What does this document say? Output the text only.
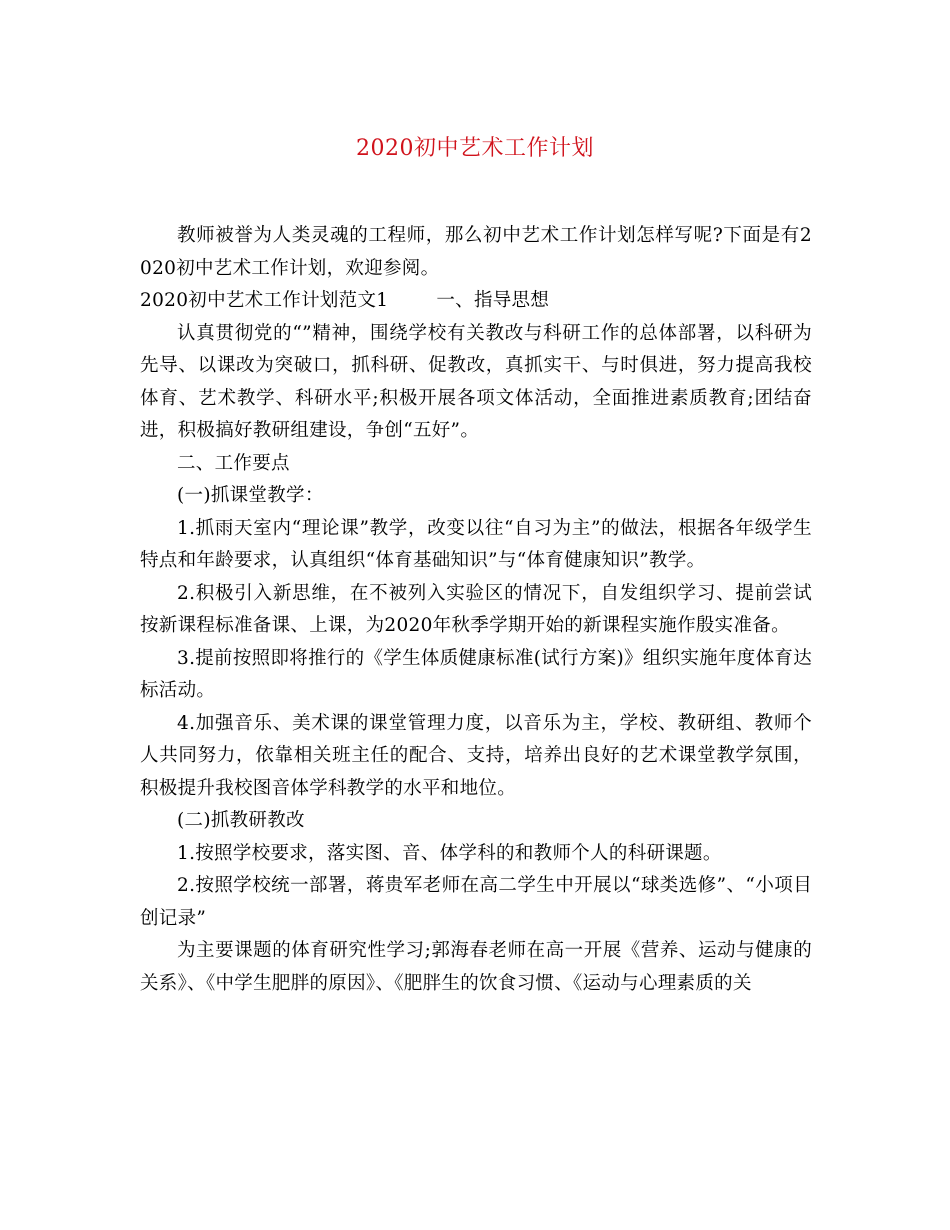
2020初中艺术工作计划

教师被誉为人类灵魂的工程师，那么初中艺术工作计划怎样写呢?下面是有2020初中艺术工作计划，欢迎参阅。

2020初中艺术工作计划范文1	一、指导思想

认真贯彻党的“”精神，围绕学校有关教改与科研工作的总体部署，以科研为先导、以课改为突破口，抓科研、促教改，真抓实干、与时俱进，努力提高我校体育、艺术教学、科研水平;积极开展各项文体活动，全面推进素质教育;团结奋进，积极搞好教研组建设，争创“五好”。

二、工作要点

(一)抓课堂教学：

1.抓雨天室内“理论课”教学，改变以往“自习为主”的做法，根据各年级学生特点和年龄要求，认真组织“体育基础知识”与“体育健康知识”教学。

2.积极引入新思维，在不被列入实验区的情况下，自发组织学习、提前尝试按新课程标准备课、上课，为2020年秋季学期开始的新课程实施作殷实准备。

3.提前按照即将推行的《学生体质健康标准(试行方案)》组织实施年度体育达标活动。

4.加强音乐、美术课的课堂管理力度，以音乐为主，学校、教研组、教师个人共同努力，依靠相关班主任的配合、支持，培养出良好的艺术课堂教学氛围，积极提升我校图音体学科教学的水平和地位。

(二)抓教研教改

1.按照学校要求，落实图、音、体学科的和教师个人的科研课题。

2.按照学校统一部署，蒋贵军老师在高二学生中开展以“球类选修”、“小项目创记录”

为主要课题的体育研究性学习;郭海春老师在高一开展《营养、运动与健康的关系》、《中学生肥胖的原因》、《肥胖生的饮食习惯、《运动与心理素质的关
